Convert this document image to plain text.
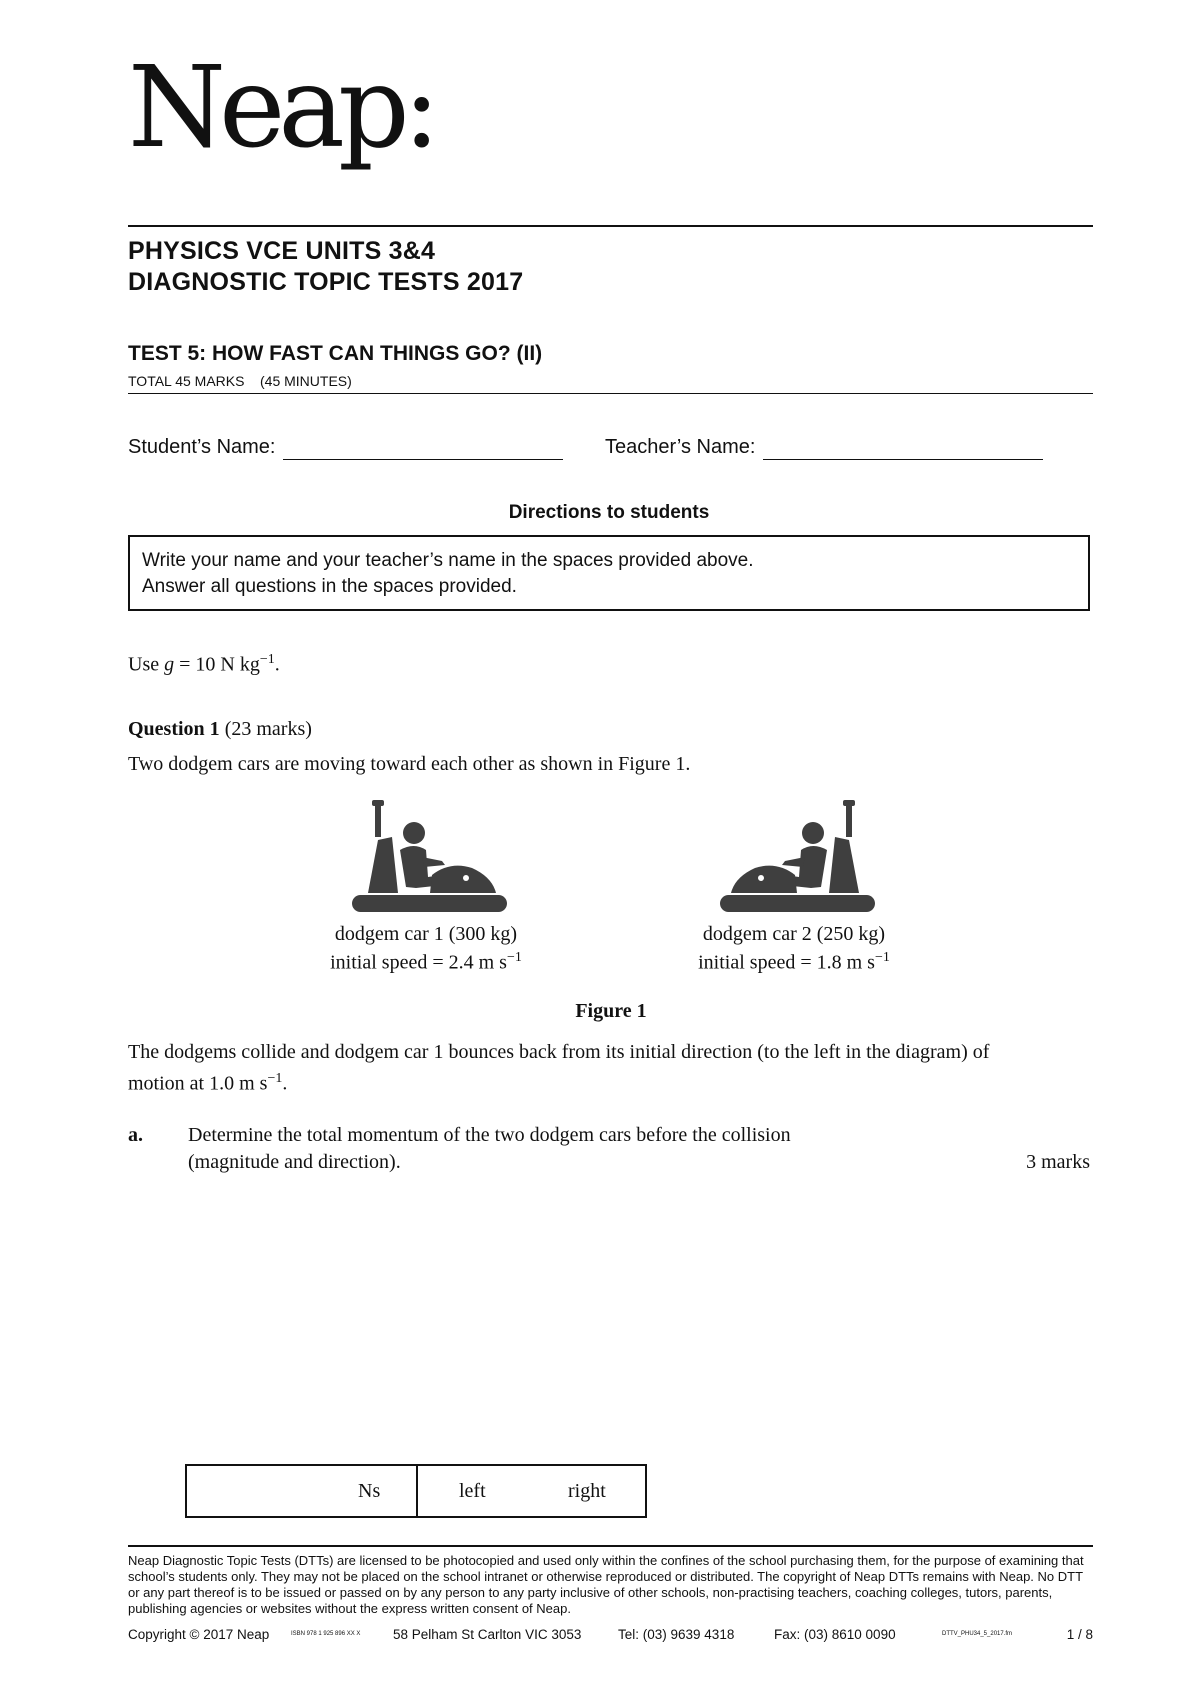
Neap:
PHYSICS VCE UNITS 3&4
DIAGNOSTIC TOPIC TESTS 2017
TEST 5: HOW FAST CAN THINGS GO? (II)
TOTAL 45 MARKS    (45 MINUTES)
Student’s Name:	Teacher’s Name:
Directions to students
Write your name and your teacher’s name in the spaces provided above.
Answer all questions in the spaces provided.
Use g = 10 N $kg^{-1}$.
Question 1 (23 marks)
Two dodgem cars are moving toward each other as shown in Figure 1.
dodgem car 1 (300 kg)
initial speed = 2.4 m $s^{-1}$
dodgem car 2 (250 kg)
initial speed = 1.8 m $s^{-1}$
Figure 1
The dodgems collide and dodgem car 1 bounces back from its initial direction (to the left in the diagram) of
motion at 1.0 m $s^{-1}$.
a. Determine the total momentum of the two dodgem cars before the collision
(magnitude and direction).	3 marks
Ns	left	right
Neap Diagnostic Topic Tests (DTTs) are licensed to be photocopied and used only within the confines of the school purchasing them, for the purpose of examining that school’s students only. They may not be placed on the school intranet or otherwise reproduced or distributed. The copyright of Neap DTTs remains with Neap. No DTT or any part thereof is to be issued or passed on by any person to any party inclusive of other schools, non-practising teachers, coaching colleges, tutors, parents, publishing agencies or websites without the express written consent of Neap.
Copyright © 2017 Neap	ISBN 978 1 925 896 XX X 58 Pelham St Carlton VIC 3053	Tel: (03) 9639 4318	Fax: (03) 8610 0090	DTTV_PHU34_5_2017.fm	1 / 8
